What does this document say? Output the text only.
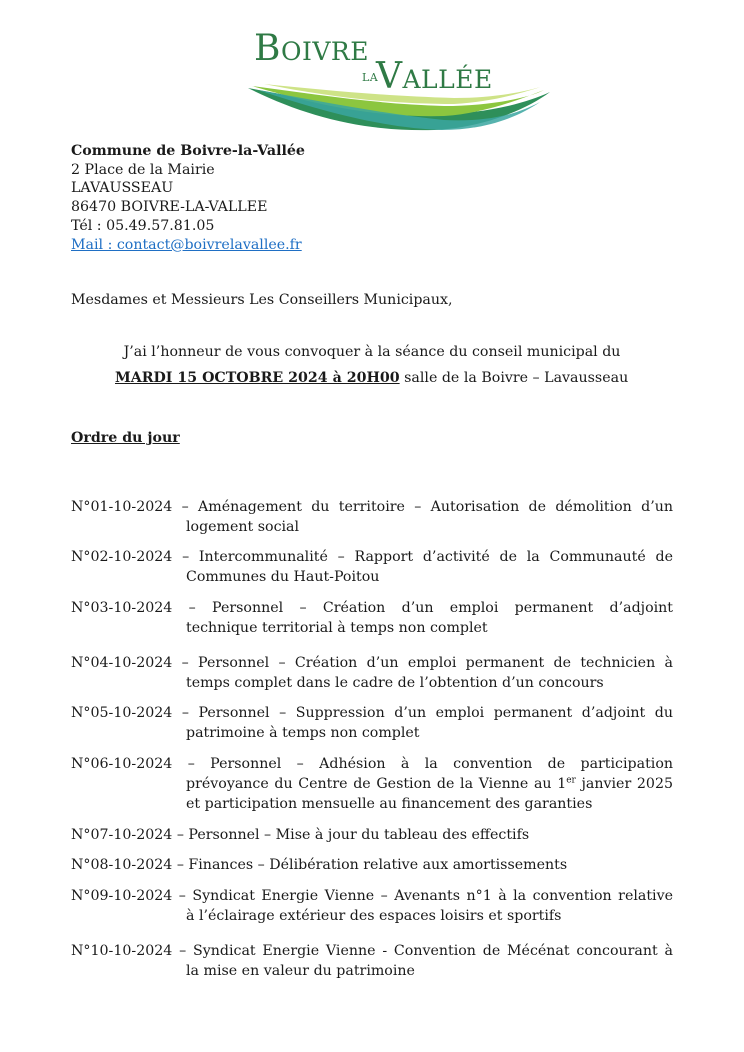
Boivre
la
Vallée
Commune de Boivre-la-Vallée
2 Place de la Mairie
LAVAUSSEAU
86470 BOIVRE-LA-VALLEE
Tél : 05.49.57.81.05
Mail : contact@boivrelavallee.fr
Mesdames et Messieurs Les Conseillers Municipaux,
J’ai l’honneur de vous convoquer à la séance du conseil municipal du
MARDI 15 OCTOBRE 2024 à 20H00 salle de la Boivre – Lavausseau
Ordre du jour
N°01-10-2024 – Aménagement du territoire – Autorisation de démolition d’un
logement social
N°02-10-2024 – Intercommunalité – Rapport d’activité de la Communauté de
Communes du Haut-Poitou
N°03-10-2024 – Personnel – Création d’un emploi permanent d’adjoint
technique territorial à temps non complet
N°04-10-2024 – Personnel – Création d’un emploi permanent de technicien à
temps complet dans le cadre de l’obtention d’un concours
N°05-10-2024 – Personnel – Suppression d’un emploi permanent d’adjoint du
patrimoine à temps non complet
N°06-10-2024 – Personnel – Adhésion à la convention de participation
prévoyance du Centre de Gestion de la Vienne au 1er janvier 2025
et participation mensuelle au financement des garanties
N°07-10-2024 – Personnel – Mise à jour du tableau des effectifs
N°08-10-2024 – Finances – Délibération relative aux amortissements
N°09-10-2024 – Syndicat Energie Vienne – Avenants n°1 à la convention relative
à l’éclairage extérieur des espaces loisirs et sportifs
N°10-10-2024 – Syndicat Energie Vienne - Convention de Mécénat concourant à
la mise en valeur du patrimoine
